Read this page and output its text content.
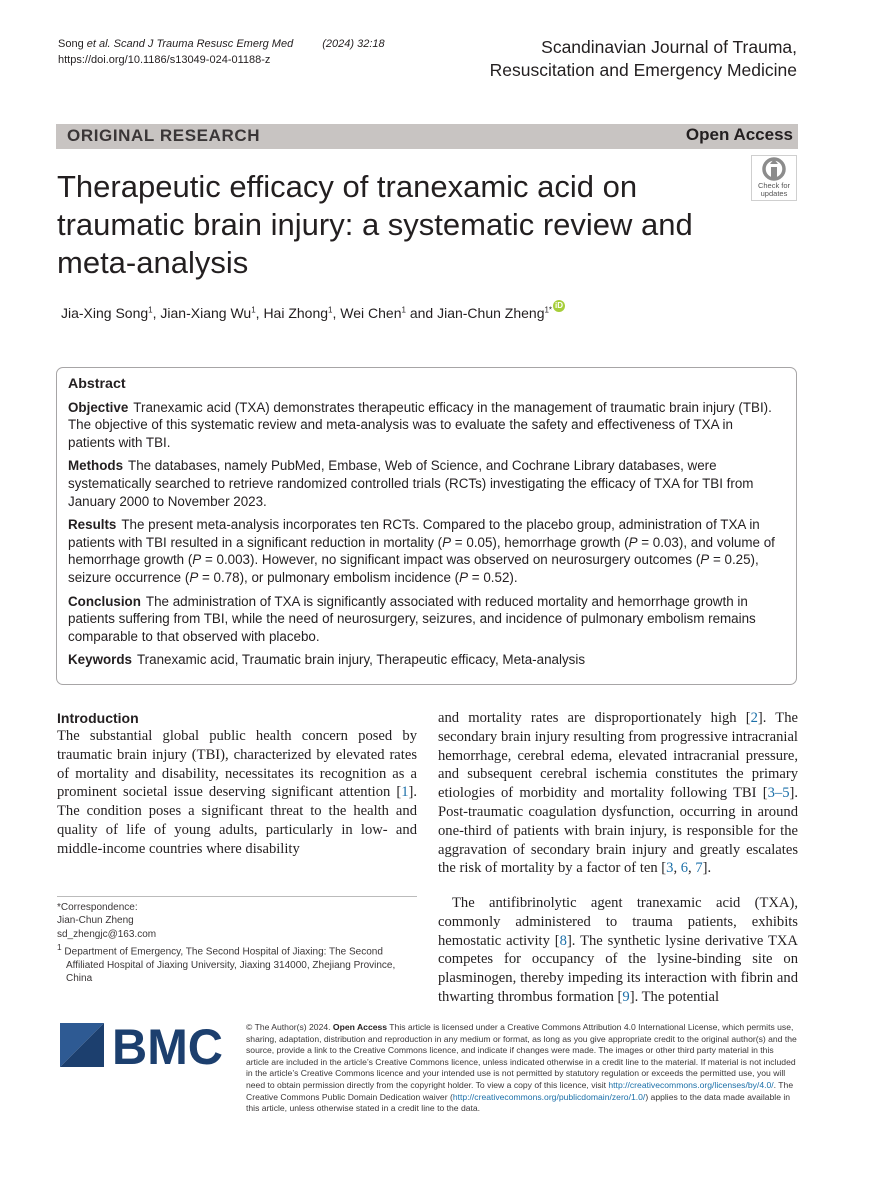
Song et al. Scand J Trauma Resusc Emerg Med	(2024) 32:18
https://doi.org/10.1186/s13049-024-01188-z
Scandinavian Journal of Trauma,
Resuscitation and Emergency Medicine
ORIGINAL RESEARCH	Open Access
Check for
updates
Therapeutic efficacy of tranexamic acid on traumatic brain injury: a systematic review and meta-analysis
Jia-Xing Song$^1$, Jian-Xiang Wu$^1$, Hai Zhong$^1$, Wei Chen$^1$ and Jian-Chun Zheng$^{1*}$ iD
Abstract

Objective Tranexamic acid (TXA) demonstrates therapeutic efficacy in the management of traumatic brain injury (TBI). The objective of this systematic review and meta-analysis was to evaluate the safety and effectiveness of TXA in patients with TBI.

Methods The databases, namely PubMed, Embase, Web of Science, and Cochrane Library databases, were systematically searched to retrieve randomized controlled trials (RCTs) investigating the efficacy of TXA for TBI from January 2000 to November 2023.

Results The present meta-analysis incorporates ten RCTs. Compared to the placebo group, administration of TXA in patients with TBI resulted in a significant reduction in mortality (P = 0.05), hemorrhage growth (P = 0.03), and volume of hemorrhage growth (P = 0.003). However, no significant impact was observed on neurosurgery outcomes (P = 0.25), seizure occurrence (P = 0.78), or pulmonary embolism incidence (P = 0.52).

Conclusion The administration of TXA is significantly associated with reduced mortality and hemorrhage growth in patients suffering from TBI, while the need of neurosurgery, seizures, and incidence of pulmonary embolism remains comparable to that observed with placebo.

Keywords Tranexamic acid, Traumatic brain injury, Therapeutic efficacy, Meta-analysis

Introduction

The substantial global public health concern posed by traumatic brain injury (TBI), characterized by elevated rates of mortality and disability, necessitates its recognition as a prominent societal issue deserving significant attention [1]. The condition poses a significant threat to the health and quality of life of young adults, particularly in low- and middle-income countries where disability

and mortality rates are disproportionately high [2]. The secondary brain injury resulting from progressive intracranial hemorrhage, cerebral edema, elevated intracranial pressure, and subsequent cerebral ischemia constitutes the primary etiologies of morbidity and mortality following TBI [3–5]. Post-traumatic coagulation dysfunction, occurring in around one-third of patients with brain injury, is responsible for the aggravation of secondary brain injury and greatly escalates the risk of mortality by a factor of ten [3, 6, 7].

The antifibrinolytic agent tranexamic acid (TXA), commonly administered to trauma patients, exhibits hemostatic activity [8]. The synthetic lysine derivative TXA competes for occupancy of the lysine-binding site on plasminogen, thereby impeding its interaction with fibrin and thwarting thrombus formation [9]. The potential

*Correspondence:

Jian-Chun Zheng

sd_zhengjc@163.com

$^1$ Department of Emergency, The Second Hospital of Jiaxing: The Second Affiliated Hospital of Jiaxing University, Jiaxing 314000, Zhejiang Province, China

BMC	© The Author(s) 2024. Open Access This article is licensed under a Creative Commons Attribution 4.0 International License, which permits use, sharing, adaptation, distribution and reproduction in any medium or format, as long as you give appropriate credit to the original author(s) and the source, provide a link to the Creative Commons licence, and indicate if changes were made. The images or other third party material in this article are included in the article’s Creative Commons licence, unless indicated otherwise in a credit line to the material. If material is not included in the article’s Creative Commons licence and your intended use is not permitted by statutory regulation or exceeds the permitted use, you will need to obtain permission directly from the copyright holder. To view a copy of this licence, visit http://creativecommons.org/licenses/by/4.0/. The Creative Commons Public Domain Dedication waiver (http://creativecommons.org/publicdomain/zero/1.0/) applies to the data made available in this article, unless otherwise stated in a credit line to the data.
